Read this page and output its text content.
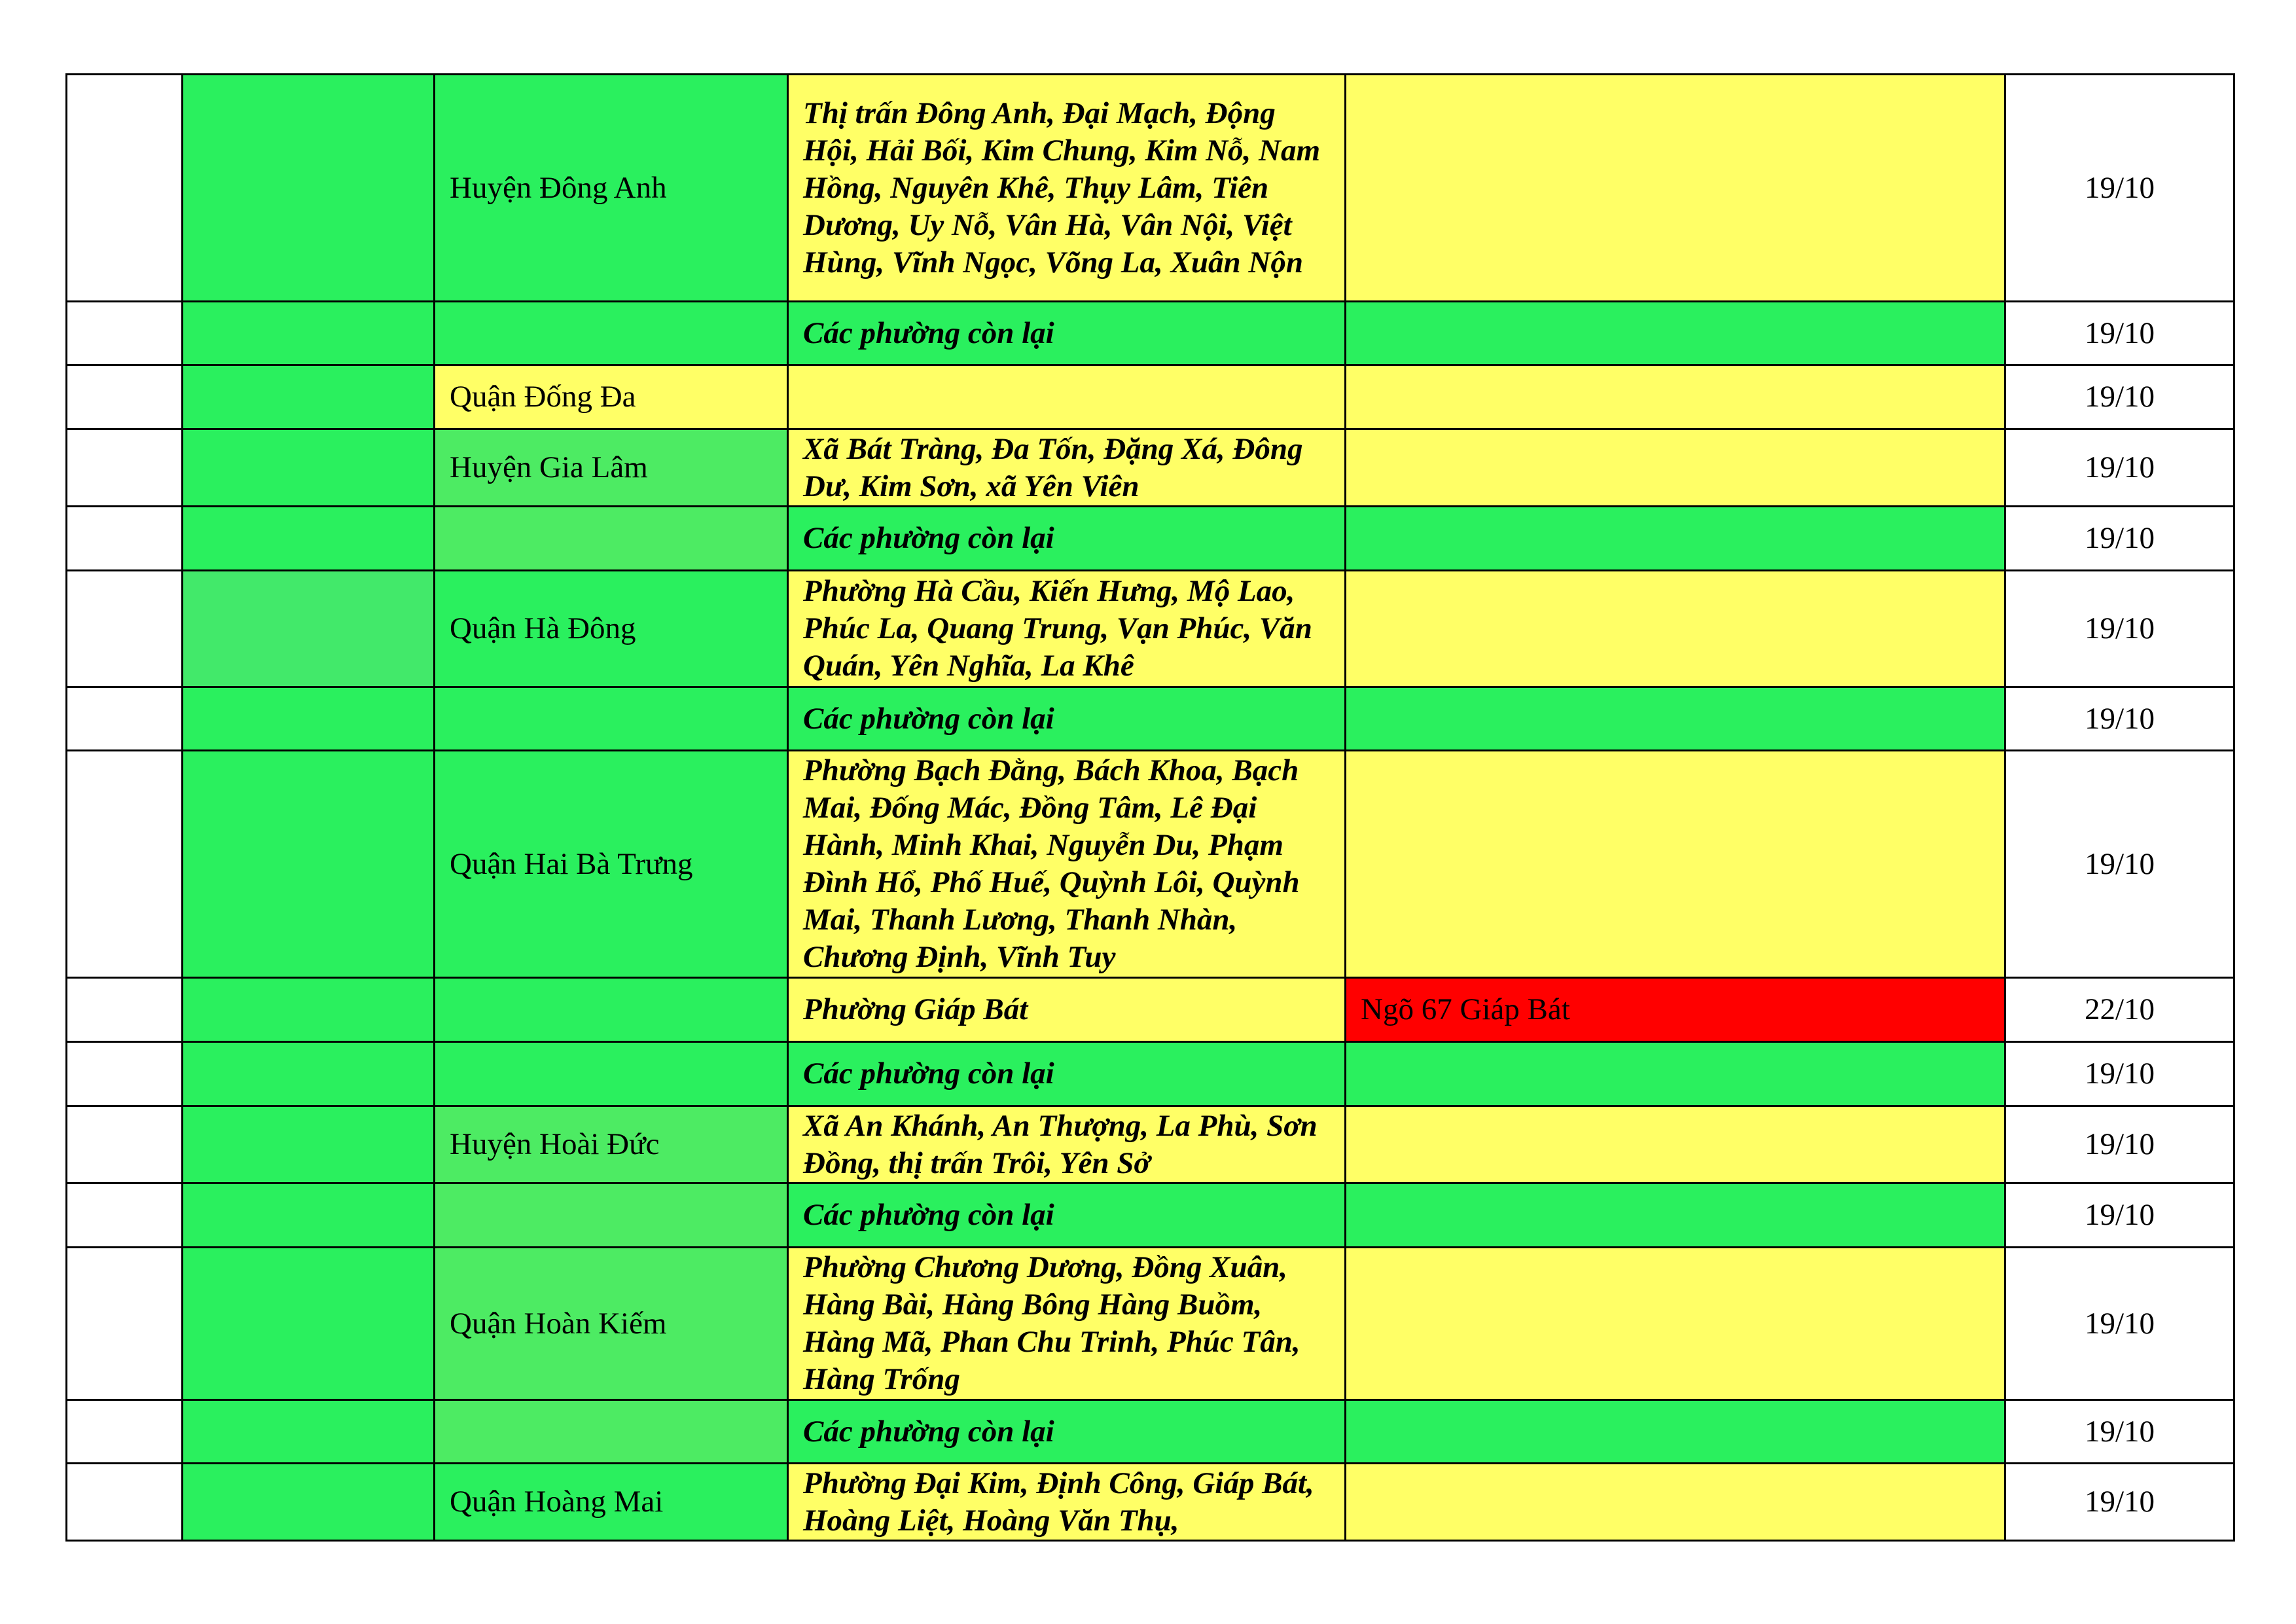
		Huyện Đông Anh	Thị trấn Đông Anh, Đại Mạch, Động Hội, Hải Bối, Kim Chung, Kim Nỗ, Nam Hồng, Nguyên Khê, Thụy Lâm, Tiên Dương, Uy Nỗ, Vân Hà, Vân Nội, Việt Hùng, Vĩnh Ngọc, Võng La, Xuân Nộn		19/10
			Các phường còn lại		19/10
		Quận Đống Đa			19/10
		Huyện Gia Lâm	Xã Bát Tràng, Đa Tốn, Đặng Xá, Đông Dư, Kim Sơn, xã Yên Viên		19/10
			Các phường còn lại		19/10
		Quận Hà Đông	Phường Hà Cầu, Kiến Hưng, Mộ Lao, Phúc La, Quang Trung, Vạn Phúc, Văn Quán, Yên Nghĩa, La Khê		19/10
			Các phường còn lại		19/10
		Quận Hai Bà Trưng	Phường Bạch Đằng, Bách Khoa, Bạch Mai, Đống Mác, Đồng Tâm, Lê Đại Hành, Minh Khai, Nguyễn Du, Phạm Đình Hổ, Phố Huế, Quỳnh Lôi, Quỳnh Mai, Thanh Lương, Thanh Nhàn, Chương Định, Vĩnh Tuy		19/10
			Phường Giáp Bát	Ngõ 67 Giáp Bát	22/10
			Các phường còn lại		19/10
		Huyện Hoài Đức	Xã An Khánh, An Thượng, La Phù, Sơn Đồng, thị trấn Trôi, Yên Sở		19/10
			Các phường còn lại		19/10
		Quận Hoàn Kiếm	Phường Chương Dương, Đồng Xuân, Hàng Bài, Hàng Bông Hàng Buồm, Hàng Mã, Phan Chu Trinh, Phúc Tân, Hàng Trống		19/10
			Các phường còn lại		19/10
		Quận Hoàng Mai	Phường Đại Kim, Định Công, Giáp Bát, Hoàng Liệt, Hoàng Văn Thụ,		19/10
